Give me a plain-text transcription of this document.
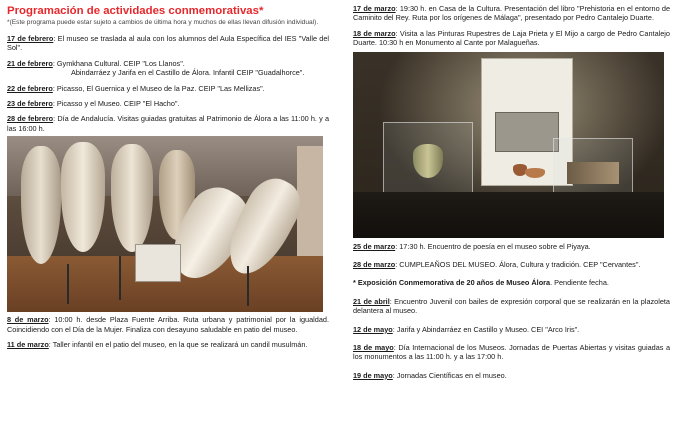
Programación de actividades conmemorativas*
*(Este programa puede estar sujeto a cambios de última hora y muchos de ellas llevan difusión individual).
17 de febrero: El museo se traslada al aula con los alumnos del Aula Específica del IES "Valle del Sol".
21 de febrero: Gymkhana Cultural. CEIP "Los Llanos".
Abindarráez y Jarifa en el Castillo de Álora. Infantil CEIP "Guadalhorce".
22 de febrero: Picasso, El Guernica y el Museo de la Paz. CEIP "Las Mellizas".
23 de febrero: Picasso y el Museo. CEIP "El Hacho".
28 de febrero: Día de Andalucía. Visitas guiadas gratuitas al Patrimonio de Álora a las 11:00 h. y a las 16:00 h.
8 de marzo: 10:00 h. desde Plaza Fuente Arriba. Ruta urbana y patrimonial por la igualdad. Coincidiendo con el Día de la Mujer. Finaliza con desayuno saludable en patio del museo.
11 de marzo: Taller infantil en el patio del museo, en la que se realizará un candil musulmán.
17 de marzo: 19:30 h. en Casa de la Cultura. Presentación del libro "Prehistoria en el entorno de Caminito del Rey. Ruta por los orígenes de Málaga", presentado por Pedro Cantalejo Duarte.
18 de marzo: Visita a las Pinturas Rupestres de Laja Prieta y El Mijo a cargo de Pedro Cantalejo Duarte. 10:30 h en Monumento al Cante por Malagueñas.
25 de marzo: 17:30 h. Encuentro de poesía en el museo sobre el Piyaya.
28 de marzo: CUMPLEAÑOS DEL MUSEO. Álora, Cultura y tradición. CEP "Cervantes".
* Exposición Conmemorativa de 20 años de Museo Álora. Pendiente fecha.
21 de abril: Encuentro Juvenil con bailes de expresión corporal que se realizarán en la plazoleta delantera al museo.
12 de mayo: Jarifa y Abindarráez en Castillo y Museo. CEI "Arco Iris".
18 de mayo: Día Internacional de los Museos. Jornadas de Puertas Abiertas y visitas guiadas a los monumentos a las 11:00 h. y a las 17:00 h.
19 de mayo: Jornadas Científicas en el museo.
